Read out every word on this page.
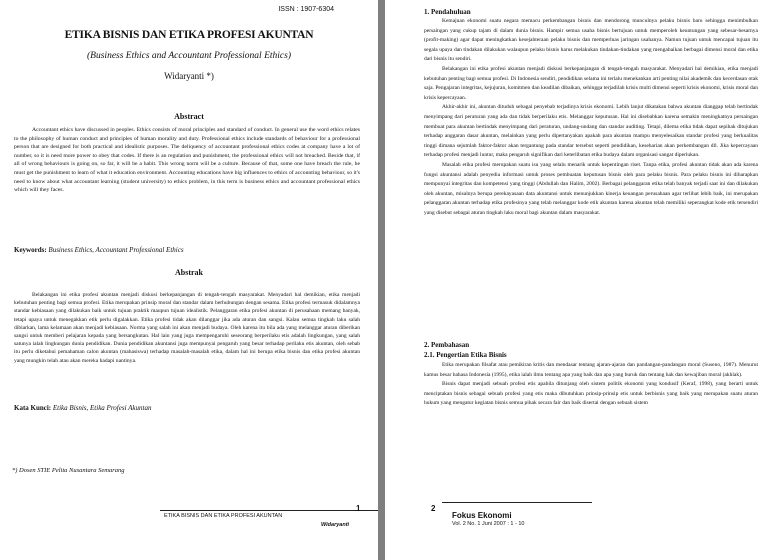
ISSN : 1907-6304
ETIKA BISNIS DAN ETIKA PROFESI AKUNTAN
(Business Ethics and Accountant Professional Ethics)
Widaryanti *)
Abstract

Accountant ethics have discussed in peoples. Ethics consists of moral principles and standard of conduct. In general use the word ethics relates to the philosophy of human conduct and principles of human morality and duty. Professional ethics include standards of behaviour for a professional person that are designed for both practical and idealistic purposes. The deliquency of accountant professional ethics codes at company have a lot of number, so it is need more power to obey that codes. If there is an regulation and punishment, the professional ethics will not breached. Beside that, if all of wrong behaviours is going on, so far, it will be a habit. This wrong norm will be a culture. Because of that, some one have breach the rule, he must get the punishment to learn of what it education environment. Accounting educations have big influences to ethics of accounting behaviour, so it's need to know about what accountant learning (student university) to ethics problem, in this term is business ethics and accountant professional ethics which will they faces.

Keywords: Business Ethics, Accountant Professional Ethics
Abstrak

Belakangan ini etika profesi akuntan menjadi diskusi berkepanjangan di tengah-tengah masyarakat. Menyadari hal demikian, etika menjadi kebutuhan penting bagi semua profesi. Etika merupakan prinsip moral dan standar dalam berhubungan dengan sesama. Etika profesi termasuk didalamnya standar kebiasaan yang dilakukan baik untuk tujuan praktik maupun tujuan idealistik. Pelanggaran etika profesi akuntan di perusahaan memang banyak, tetapi upaya untuk menegakkan etik perlu digalakkan. Etika profesi tidak akan dilanggar jika ada aturan dan sangsi. Kalau semua tingkah laku salah dibiarkan, lama kelamaan akan menjadi kebiasaan. Norma yang salah ini akan menjadi budaya. Oleh karena itu bila ada yang melanggar aturan diberikan sangsi untuk memberi pelajaran kepada yang bersangkutan. Hal lain yang juga mempengaruhi seseorang berperilaku etis adalah lingkungan, yang salah satunya ialah lingkungan dunia pendidikan. Dunia pendidikan akuntansi juga mempunyai pengaruh yang besar terhadap perilaku etis akuntan, oleh sebab itu perlu diketahui pemahaman calon akuntan (mahasiswa) terhadap masalah-masalah etika, dalam hal ini berupa etika bisnis dan etika profesi akuntan yang mungkin telah atau akan mereka hadapi nantinya.

Kata Kunci: Etika Bisnis, Etika Profesi Akuntan
*) Dosen STIE Pelita Nusantara Semarang
ETIKA BISNIS DAN ETIKA PROFESI AKUNTAN
Widaryanti
1
1. Pendahuluan

Kemajuan ekonomi suatu negara memacu perkembangan bisnis dan mendorong munculnya pelaku bisnis baru sehingga menimbulkan persaingan yang cukup tajam di dalam dunia bisnis. Hampir semua usaha bisnis bertujuan untuk memperoleh keuntungan yang sebesar-besarnya (profit-making) agar dapat meningkatkan kesejahteraan pelaku bisnis dan memperluas jaringan usahanya. Namun tujuan untuk mencapai tujuan itu segala upaya dan tindakan dilakukan walaupun pelaku bisnis harus melakukan tindakan-tindakan yang mengabaikan berbagai dimensi moral dan etika dari bisnis itu sendiri.

Belakangan ini etika profesi akuntan menjadi diskusi berkepanjangan di tengah-tengah masyarakat. Menyadari hal demikian, etika menjadi kebutuhan penting bagi semua profesi. Di Indonesia sendiri, pendidikan selama ini terlalu menekankan arti penting nilai akademik dan kecerdasan otak saja. Pengajaran integritas, kejujuran, komitmen dan keadilan dibaikan, sehingga terjadilah krisis multi dimensi seperti krisis ekonomi, krisis moral dan krisis kepercayaan.

Akhir-akhir ini, akuntan dituduh sebagai penyebab terjadinya krisis ekonomi. Lebih lanjut dikatakan bahwa akuntan dianggap telah bertindak menyimpang dari peraturan yang ada dan tidak berperilaku etis. Melanggar keputusan. Hal ini disebabkan karena semakin meningkatnya persaingan membuat para akuntan bertindak menyimpang dari peraturan, undang-undang dan standar auditing. Tetapi, dilema etika tidak dapat sepihak ditujukan terhadap anggaran dasar akuntan, melainkan yang perlu dipertanyakan apakah para akuntan mampu menyelesaikan standar profesi yang berkualitas tinggi dimana sejumlah faktor-faktor akan tergantung pada standar tersebut seperti pendidikan, keseharian akan perkembangan dll. Jika kepercayaan terhadap profesi menjadi luntur, maka pengaruh signifikan dari keterlibatan etika budaya dalam organisasi sangat diperlukan.

Masalah etika profesi merupakan suatu isu yang selalu menarik untuk kepentingan riset. Tanpa etika, profesi akuntan tidak akan ada karena fungsi akuntansi adalah penyedia informasi untuk proses pembuatan keputusan bisnis oleh para pelaku bisnis. Para pelaku bisnis ini diharapkan mempunyai integritas dan kompetensi yang tinggi (Abdullah dan Halim, 2002). Berbagai pelanggaran etika telah banyak terjadi saat ini dan dilakukan oleh akuntan, misalnya berupa perekayasaan data akuntansi untuk menunjukkan kinerja keuangan perusahaan agar terlihat lebih baik, ini merupakan pelanggaran akuntan terhadap etika profesinya yang telah melanggar kode etik akuntan karena akuntan telah memiliki seperangkat kode etik tersendiri yang disebut sebagai aturan tingkah laku moral bagi akuntan dalam masyarakat.

2. Pembahasan
2.1. Pengertian Etika Bisnis

Etika merupakan filsafat atau pemikiran kritis dan mendasar tentang ajaran-ajaran dan pandangan-pandangan moral (Suseno, 1987). Menurut kamus besar bahasa Indonesia (1995), etika ialah ilmu tentang apa yang baik dan apa yang buruk dan tentang hak dan kewajiban moral (akhlak).

Bisnis dapat menjadi sebuah profesi etis apabila ditunjang oleh sistem politik ekonomi yang kondusif (Keraf, 1998), yang berarti untuk menciptakan bisnis sebagai sebuah profesi yang etis maka dibutuhkan prinsip-prinsip etis untuk berbisnis yang baik yang merupakan suatu aturan hukum yang mengatur kegiatan bisnis semua pihak secara fair dan baik disertai dengan sebuah sistem

2
Fokus Ekonomi
Vol. 2 No. 1 Juni 2007 : 1 - 10
